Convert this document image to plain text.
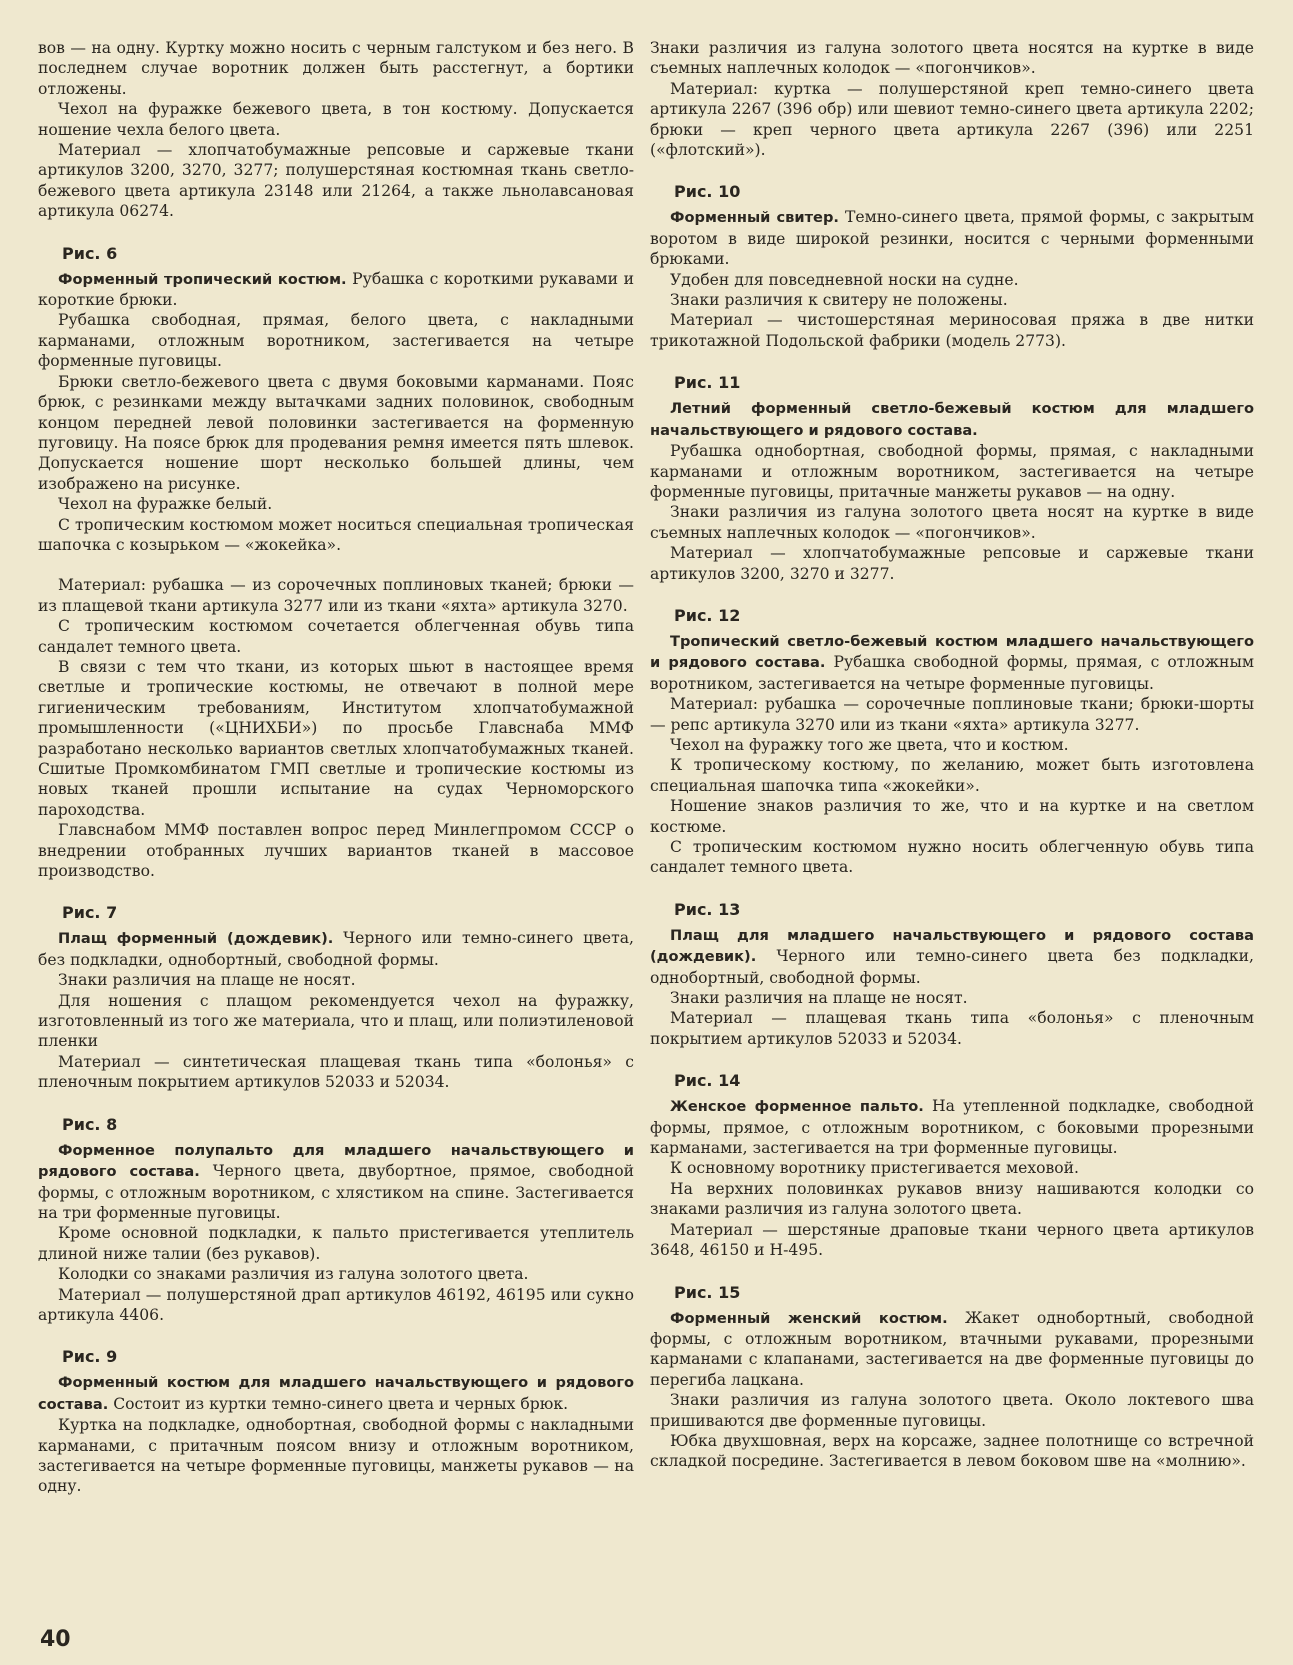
вов — на одну. Куртку можно носить с черным галстуком и без него. В последнем случае воротник должен быть расстегнут, а бортики отложены.

Чехол на фуражке бежевого цвета, в тон костюму. Допускается ношение чехла белого цвета.

Материал — хлопчатобумажные репсовые и саржевые ткани артикулов 3200, 3270, 3277; полушерстяная костюмная ткань светло-бежевого цвета артикула 23148 или 21264, а также льнолавсановая артикула 06274.

Рис. 6

Форменный тропический костюм. Рубашка с короткими рукавами и короткие брюки.

Рубашка свободная, прямая, белого цвета, с накладными карманами, отложным воротником, застегивается на четыре форменные пуговицы.

Брюки светло-бежевого цвета с двумя боковыми карманами. Пояс брюк, с резинками между вытачками задних половинок, свободным концом передней левой половинки застегивается на форменную пуговицу. На поясе брюк для продевания ремня имеется пять шлевок. Допускается ношение шорт несколько большей длины, чем изображено на рисунке.

Чехол на фуражке белый.

С тропическим костюмом может носиться специальная тропическая шапочка с козырьком — «жокейка».

Материал: рубашка — из сорочечных поплиновых тканей; брюки — из плащевой ткани артикула 3277 или из ткани «яхта» артикула 3270.

С тропическим костюмом сочетается облегченная обувь типа сандалет темного цвета.

В связи с тем что ткани, из которых шьют в настоящее время светлые и тропические костюмы, не отвечают в полной мере гигиеническим требованиям, Институтом хлопчатобумажной промышленности («ЦНИХБИ») по просьбе Главснаба ММФ разработано несколько вариантов светлых хлопчатобумажных тканей. Сшитые Промкомбинатом ГМП светлые и тропические костюмы из новых тканей прошли испытание на судах Черноморского пароходства.

Главснабом ММФ поставлен вопрос перед Минлегпромом СССР о внедрении отобранных лучших вариантов тканей в массовое производство.

Рис. 7

Плащ форменный (дождевик). Черного или темно-синего цвета, без подкладки, однобортный, свободной формы.

Знаки различия на плаще не носят.

Для ношения с плащом рекомендуется чехол на фуражку, изготовленный из того же материала, что и плащ, или полиэтиленовой пленки

Материал — синтетическая плащевая ткань типа «болонья» с пленочным покрытием артикулов 52033 и 52034.

Рис. 8

Форменное полупальто для младшего начальствующего и рядового состава. Черного цвета, двубортное, прямое, свободной формы, с отложным воротником, с хлястиком на спине. Застегивается на три форменные пуговицы.

Кроме основной подкладки, к пальто пристегивается утеплитель длиной ниже талии (без рукавов).

Колодки со знаками различия из галуна золотого цвета.

Материал — полушерстяной драп артикулов 46192, 46195 или сукно артикула 4406.

Рис. 9

Форменный костюм для младшего начальствующего и рядового состава. Состоит из куртки темно-синего цвета и черных брюк.

Куртка на подкладке, однобортная, свободной формы с накладными карманами, с притачным поясом внизу и отложным воротником, застегивается на четыре форменные пуговицы, манжеты рукавов — на одну.

Знаки различия из галуна золотого цвета носятся на куртке в виде съемных наплечных колодок — «погончиков».

Материал: куртка — полушерстяной креп темно-синего цвета артикула 2267 (396 обр) или шевиот темно-синего цвета артикула 2202; брюки — креп черного цвета артикула 2267 (396) или 2251 («флотский»).

Рис. 10

Форменный свитер. Темно-синего цвета, прямой формы, с закрытым воротом в виде широкой резинки, носится с черными форменными брюками.

Удобен для повседневной носки на судне.

Знаки различия к свитеру не положены.

Материал — чистошерстяная мериносовая пряжа в две нитки трикотажной Подольской фабрики (модель 2773).

Рис. 11

Летний форменный светло-бежевый костюм для младшего начальствующего и рядового состава.

Рубашка однобортная, свободной формы, прямая, с накладными карманами и отложным воротником, застегивается на четыре форменные пуговицы, притачные манжеты рукавов — на одну.

Знаки различия из галуна золотого цвета носят на куртке в виде съемных наплечных колодок — «погончиков».

Материал — хлопчатобумажные репсовые и саржевые ткани артикулов 3200, 3270 и 3277.

Рис. 12

Тропический светло-бежевый костюм младшего начальствующего и рядового состава. Рубашка свободной формы, прямая, с отложным воротником, застегивается на четыре форменные пуговицы.

Материал: рубашка — сорочечные поплиновые ткани; брюки-шорты — репс артикула 3270 или из ткани «яхта» артикула 3277.

Чехол на фуражку того же цвета, что и костюм.

К тропическому костюму, по желанию, может быть изготовлена специальная шапочка типа «жокейки».

Ношение знаков различия то же, что и на куртке и на светлом костюме.

С тропическим костюмом нужно носить облегченную обувь типа сандалет темного цвета.

Рис. 13

Плащ для младшего начальствующего и рядового состава (дождевик). Черного или темно-синего цвета без подкладки, однобортный, свободной формы.

Знаки различия на плаще не носят.

Материал — плащевая ткань типа «болонья» с пленочным покрытием артикулов 52033 и 52034.

Рис. 14

Женское форменное пальто. На утепленной подкладке, свободной формы, прямое, с отложным воротником, с боковыми прорезными карманами, застегивается на три форменные пуговицы.

К основному воротнику пристегивается меховой.

На верхних половинках рукавов внизу нашиваются колодки со знаками различия из галуна золотого цвета.

Материал — шерстяные драповые ткани черного цвета артикулов 3648, 46150 и Н-495.

Рис. 15

Форменный женский костюм. Жакет однобортный, свободной формы, с отложным воротником, втачными рукавами, прорезными карманами с клапанами, застегивается на две форменные пуговицы до перегиба лацкана.

Знаки различия из галуна золотого цвета. Около локтевого шва пришиваются две форменные пуговицы.

Юбка двухшовная, верх на корсаже, заднее полотнище со встречной складкой посредине. Застегивается в левом боковом шве на «молнию».

40
